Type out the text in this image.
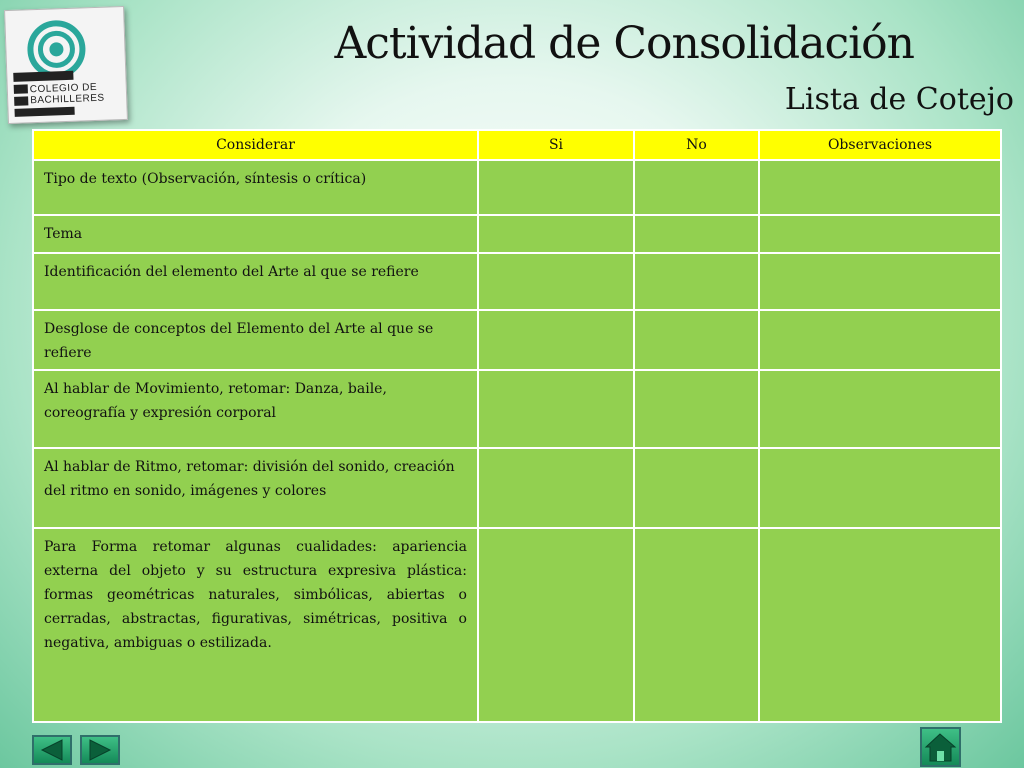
COLEGIO DE BACHILLERES
Actividad de Consolidación
Lista de Cotejo
Considerar	Si	No	Observaciones
Tipo de texto (Observación, síntesis o crítica)			
Tema			
Identificación del elemento del Arte al que se refiere			
Desglose de conceptos del Elemento del Arte al que se refiere			
Al hablar de Movimiento, retomar: Danza, baile, coreografía y expresión corporal			
Al hablar de Ritmo, retomar: división del sonido, creación del ritmo en sonido, imágenes y colores			
Para Forma retomar algunas cualidades: apariencia externa del objeto y su estructura expresiva plástica: formas geométricas naturales, simbólicas, abiertas o cerradas, abstractas, figurativas, simétricas, positiva o negativa, ambiguas o estilizada.			
